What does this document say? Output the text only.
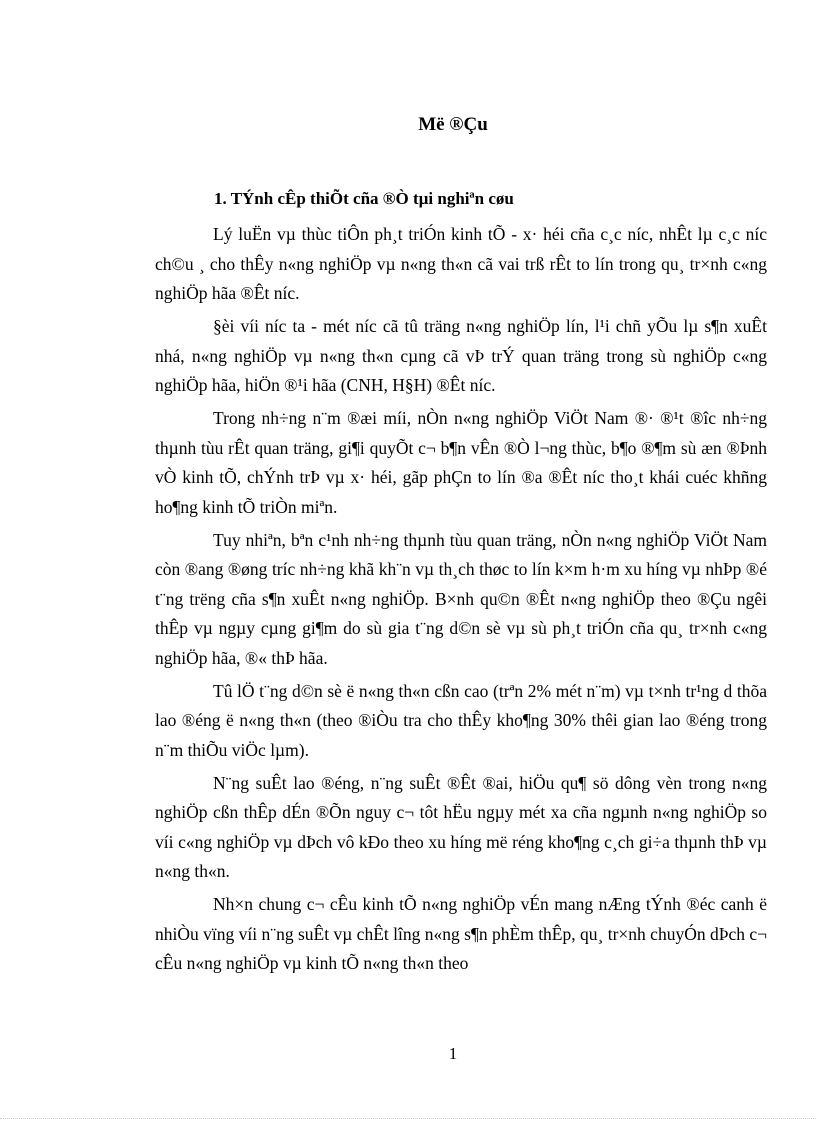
Më ®Çu
1. TÝnh cÊp thiÕt cña ®Ò tµi nghiªn cøu

Lý luËn vµ thùc tiÔn ph¸t triÓn kinh tÕ - x· héi cña c¸c níc, nhÊt lµ c¸c níc ch©u ¸ cho thÊy n«ng nghiÖp vµ n«ng th«n cã vai trß rÊt to lín trong qu¸ tr×nh c«ng nghiÖp hãa ®Êt níc.

§èi víi níc ta - mét níc cã tû träng n«ng nghiÖp lín, l¹i chñ yÕu lµ s¶n xuÊt nhá, n«ng nghiÖp vµ n«ng th«n cµng cã vÞ trÝ quan träng trong sù nghiÖp c«ng nghiÖp hãa, hiÖn ®¹i hãa (CNH, H§H) ®Êt níc.

Trong nh÷ng n¨m ®æi míi, nÒn n«ng nghiÖp ViÖt Nam ®· ®¹t ®îc nh÷ng thµnh tùu rÊt quan träng, gi¶i quyÕt c¬ b¶n vÊn ®Ò l¬ng thùc, b¶o ®¶m sù æn ®Þnh vÒ kinh tÕ, chÝnh trÞ vµ x· héi, gãp phÇn to lín ®a ®Êt níc tho¸t khái cuéc khñng ho¶ng kinh tÕ triÒn miªn.

Tuy nhiªn, bªn c¹nh nh÷ng thµnh tùu quan träng, nÒn n«ng nghiÖp ViÖt Nam còn ®ang ®øng tríc nh÷ng khã kh¨n vµ th¸ch thøc to lín k×m h·m xu híng vµ nhÞp ®é t¨ng trëng cña s¶n xuÊt n«ng nghiÖp. B×nh qu©n ®Êt n«ng nghiÖp theo ®Çu ngêi thÊp vµ ngµy cµng gi¶m do sù gia t¨ng d©n sè vµ sù ph¸t triÓn cña qu¸ tr×nh c«ng nghiÖp hãa, ®« thÞ hãa.

Tû lÖ t¨ng d©n sè ë n«ng th«n cßn cao (trªn 2% mét n¨m) vµ t×nh tr¹ng d thõa lao ®éng ë n«ng th«n (theo ®iÒu tra cho thÊy kho¶ng 30% thêi gian lao ®éng trong n¨m thiÕu viÖc lµm).

N¨ng suÊt lao ®éng, n¨ng suÊt ®Êt ®ai, hiÖu qu¶ sö dông vèn trong n«ng nghiÖp cßn thÊp dÉn ®Õn nguy c¬ tôt hËu ngµy mét xa cña ngµnh n«ng nghiÖp so víi c«ng nghiÖp vµ dÞch vô kÐo theo xu híng më réng kho¶ng c¸ch gi÷a thµnh thÞ vµ n«ng th«n.

Nh×n chung c¬ cÊu kinh tÕ n«ng nghiÖp vÉn mang nÆng tÝnh ®éc canh ë nhiÒu vïng víi n¨ng suÊt vµ chÊt lîng n«ng s¶n phÈm thÊp, qu¸ tr×nh chuyÓn dÞch c¬ cÊu n«ng nghiÖp vµ kinh tÕ n«ng th«n theo

1
